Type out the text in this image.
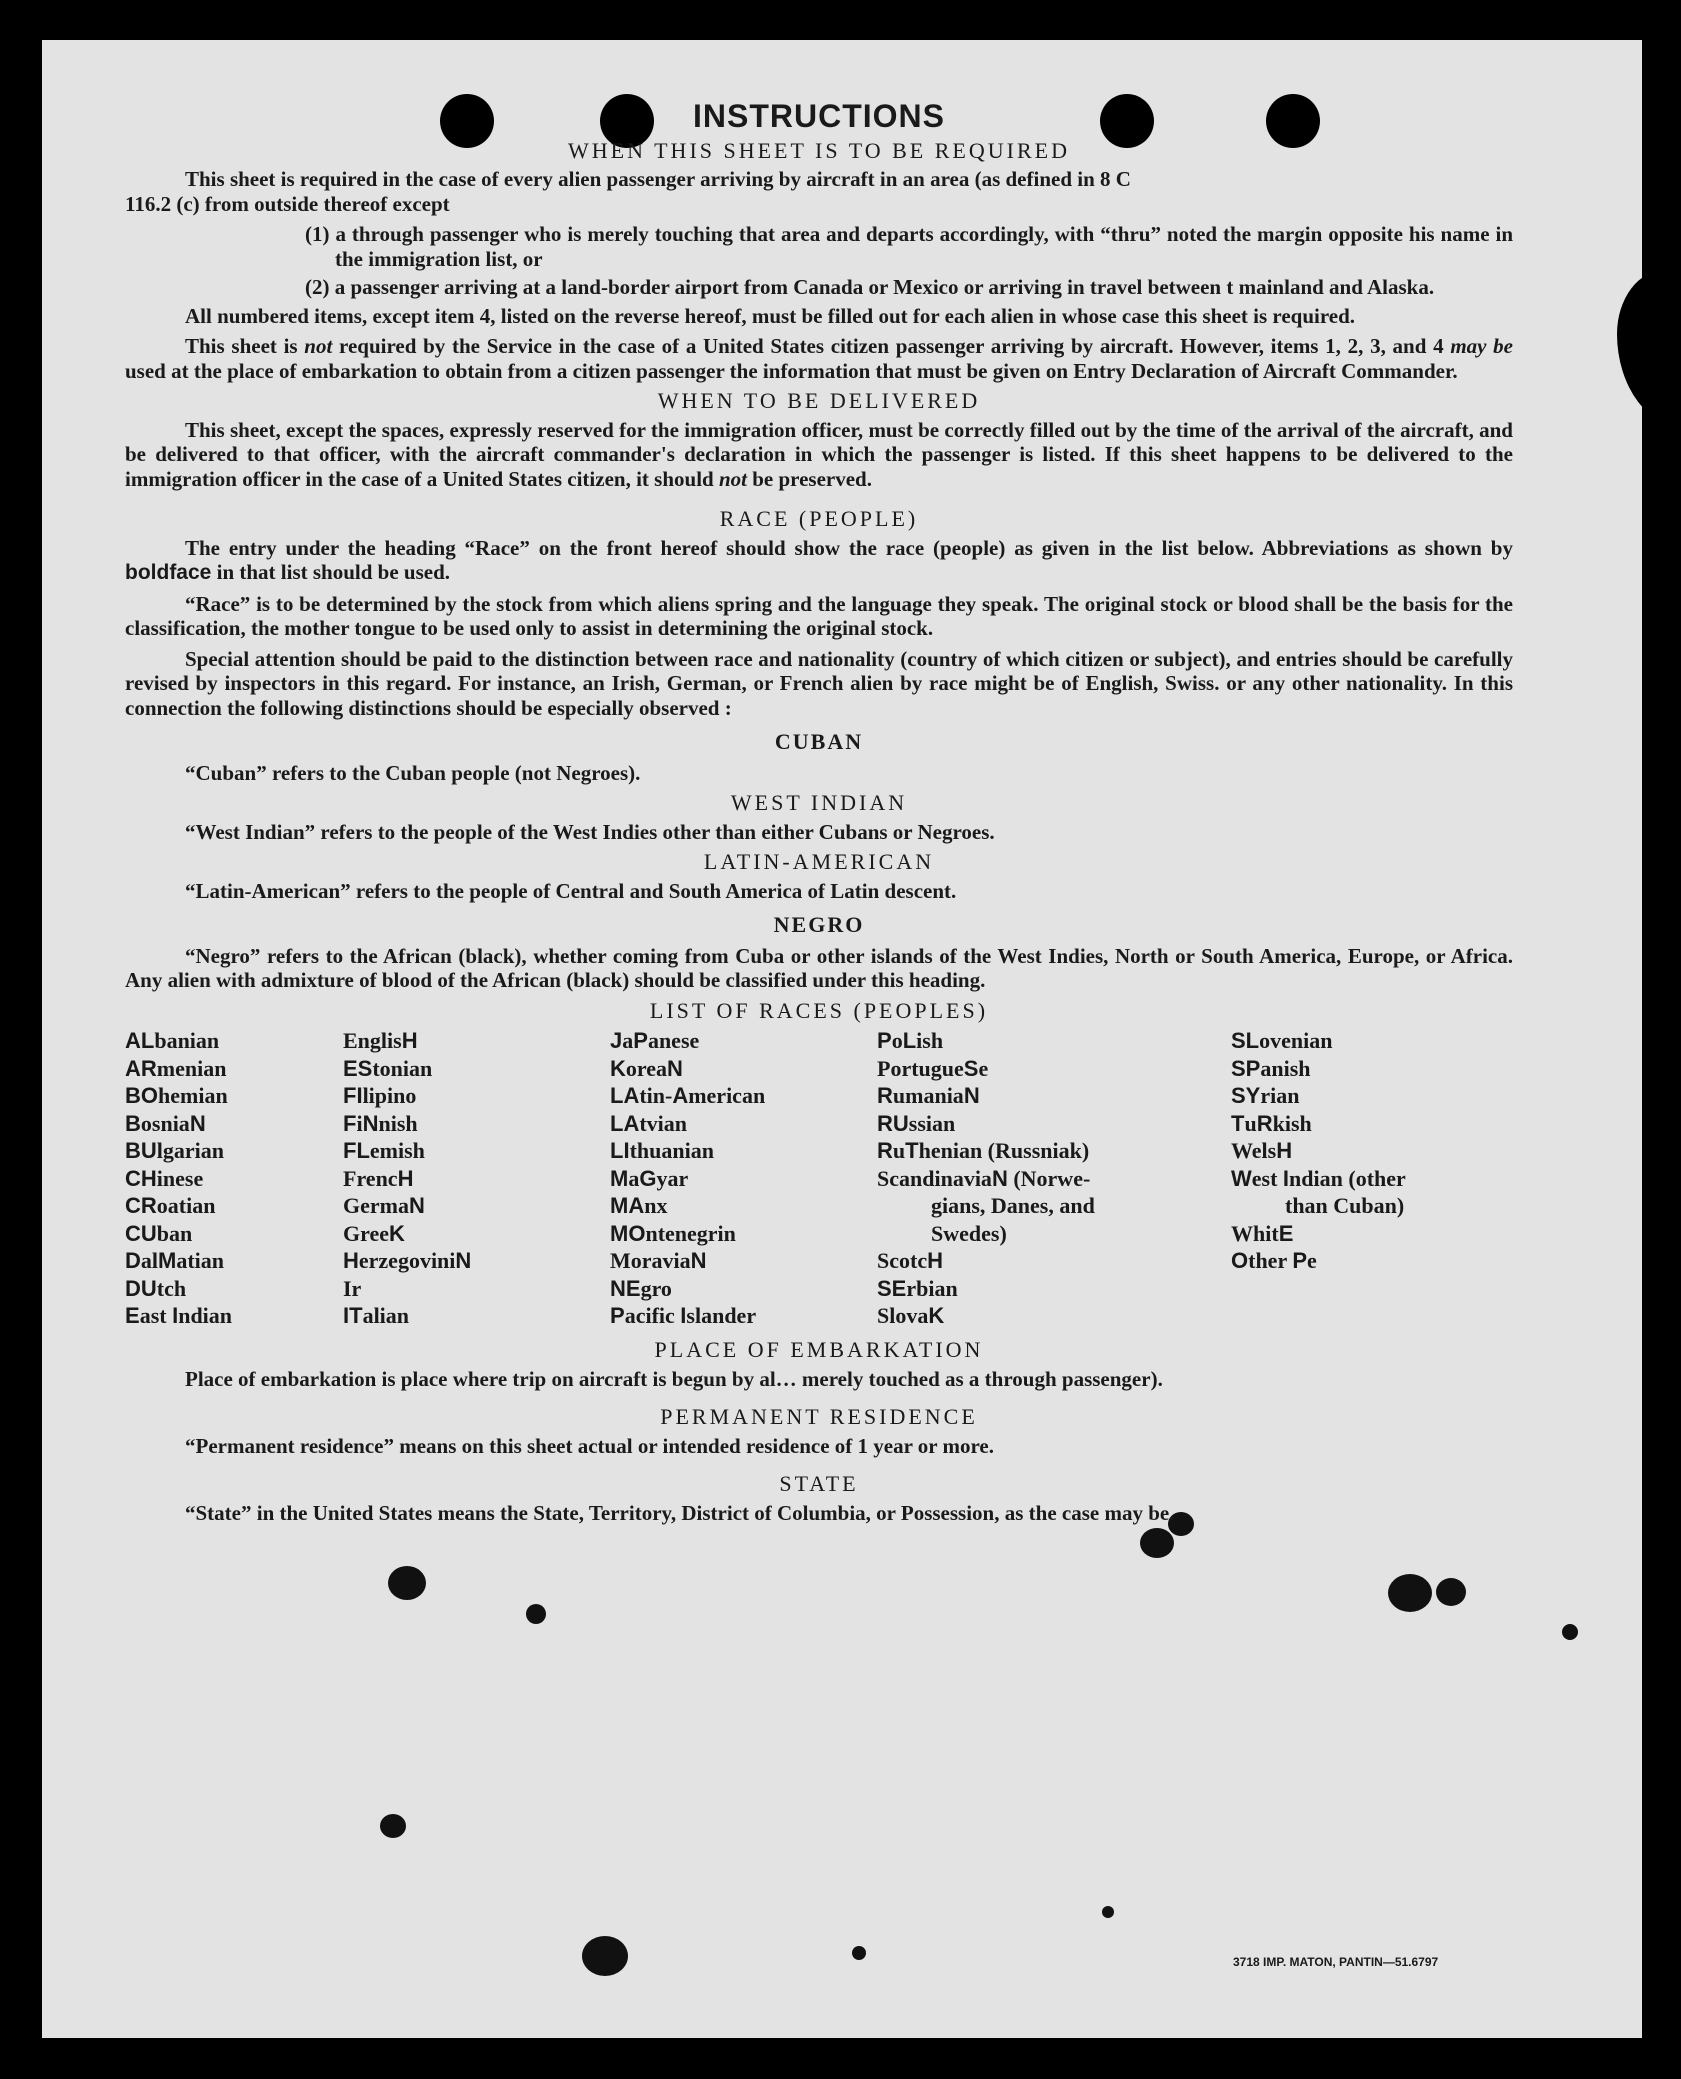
INSTRUCTIONS
WHEN THIS SHEET IS TO BE REQUIRED

This sheet is required in the case of every alien passenger arriving by aircraft in an area (as defined in 8 C

116.2 (c) from outside thereof except
(1) a through passenger who is merely touching that area and departs accordingly, with “thru” noted the margin opposite his name in the immigration list, or
(2) a passenger arriving at a land-border airport from Canada or Mexico or arriving in travel between t mainland and Alaska.

All numbered items, except item 4, listed on the reverse hereof, must be filled out for each alien in whose case this sheet is required.

This sheet is not required by the Service in the case of a United States citizen passenger arriving by aircraft. However, items 1, 2, 3, and 4 may be used at the place of embarkation to obtain from a citizen passenger the information that must be given on Entry Declaration of Aircraft Commander.

WHEN TO BE DELIVERED

This sheet, except the spaces, expressly reserved for the immigration officer, must be correctly filled out by the time of the arrival of the aircraft, and be delivered to that officer, with the aircraft commander's declaration in which the passenger is listed. If this sheet happens to be delivered to the immigration officer in the case of a United States citizen, it should not be preserved.

RACE (PEOPLE)

The entry under the heading “Race” on the front hereof should show the race (people) as given in the list below. Abbreviations as shown by boldface in that list should be used.

“Race” is to be determined by the stock from which aliens spring and the language they speak. The original stock or blood shall be the basis for the classification, the mother tongue to be used only to assist in determining the original stock.

Special attention should be paid to the distinction between race and nationality (country of which citizen or subject), and entries should be carefully revised by inspectors in this regard. For instance, an Irish, German, or French alien by race might be of English, Swiss. or any other nationality. In this connection the following distinctions should be especially observed :

CUBAN

“Cuban” refers to the Cuban people (not Negroes).

WEST INDIAN

“West Indian” refers to the people of the West Indies other than either Cubans or Negroes.

LATIN-AMERICAN

“Latin-American” refers to the people of Central and South America of Latin descent.

NEGRO

“Negro” refers to the African (black), whether coming from Cuba or other islands of the West Indies, North or South America, Europe, or Africa. Any alien with admixture of blood of the African (black) should be classified under this heading.

LIST OF RACES (PEOPLES)
ALbanian
ARmenian
BOhemian
BosniaN
BUlgarian
CHinese
CRoatian
CUban
DalMatian
DUtch
East Indian
EnglisH
EStonian
FIlipino
FiNnish
FLemish
FrencH
GermaN
GreeK
HerzegoviniN
Ir
ITalian
JaPanese
KoreaN
LAtin-American
LAtvian
LIthuanian
MaGyar
MAnx
MOntenegrin
MoraviaN
NEgro
Pacific Islander
PoLish
PortugueSe
RumaniaN
RUssian
RuThenian (Russniak)
ScandinaviaN (Norwe-
gians, Danes, and
Swedes)
ScotcH
SErbian
SlovaK
SLovenian
SPanish
SYrian
TuRkish
WelsH
West Indian (other
than Cuban)
WhitE
Other Pe
PLACE OF EMBARKATION

Place of embarkation is place where trip on aircraft is begun by al… merely touched as a through passenger).

PERMANENT RESIDENCE

“Permanent residence” means on this sheet actual or intended residence of 1 year or more.

STATE

“State” in the United States means the State, Territory, District of Columbia, or Possession, as the case may be.

3718 IMP. MATON, PANTIN—51.6797
